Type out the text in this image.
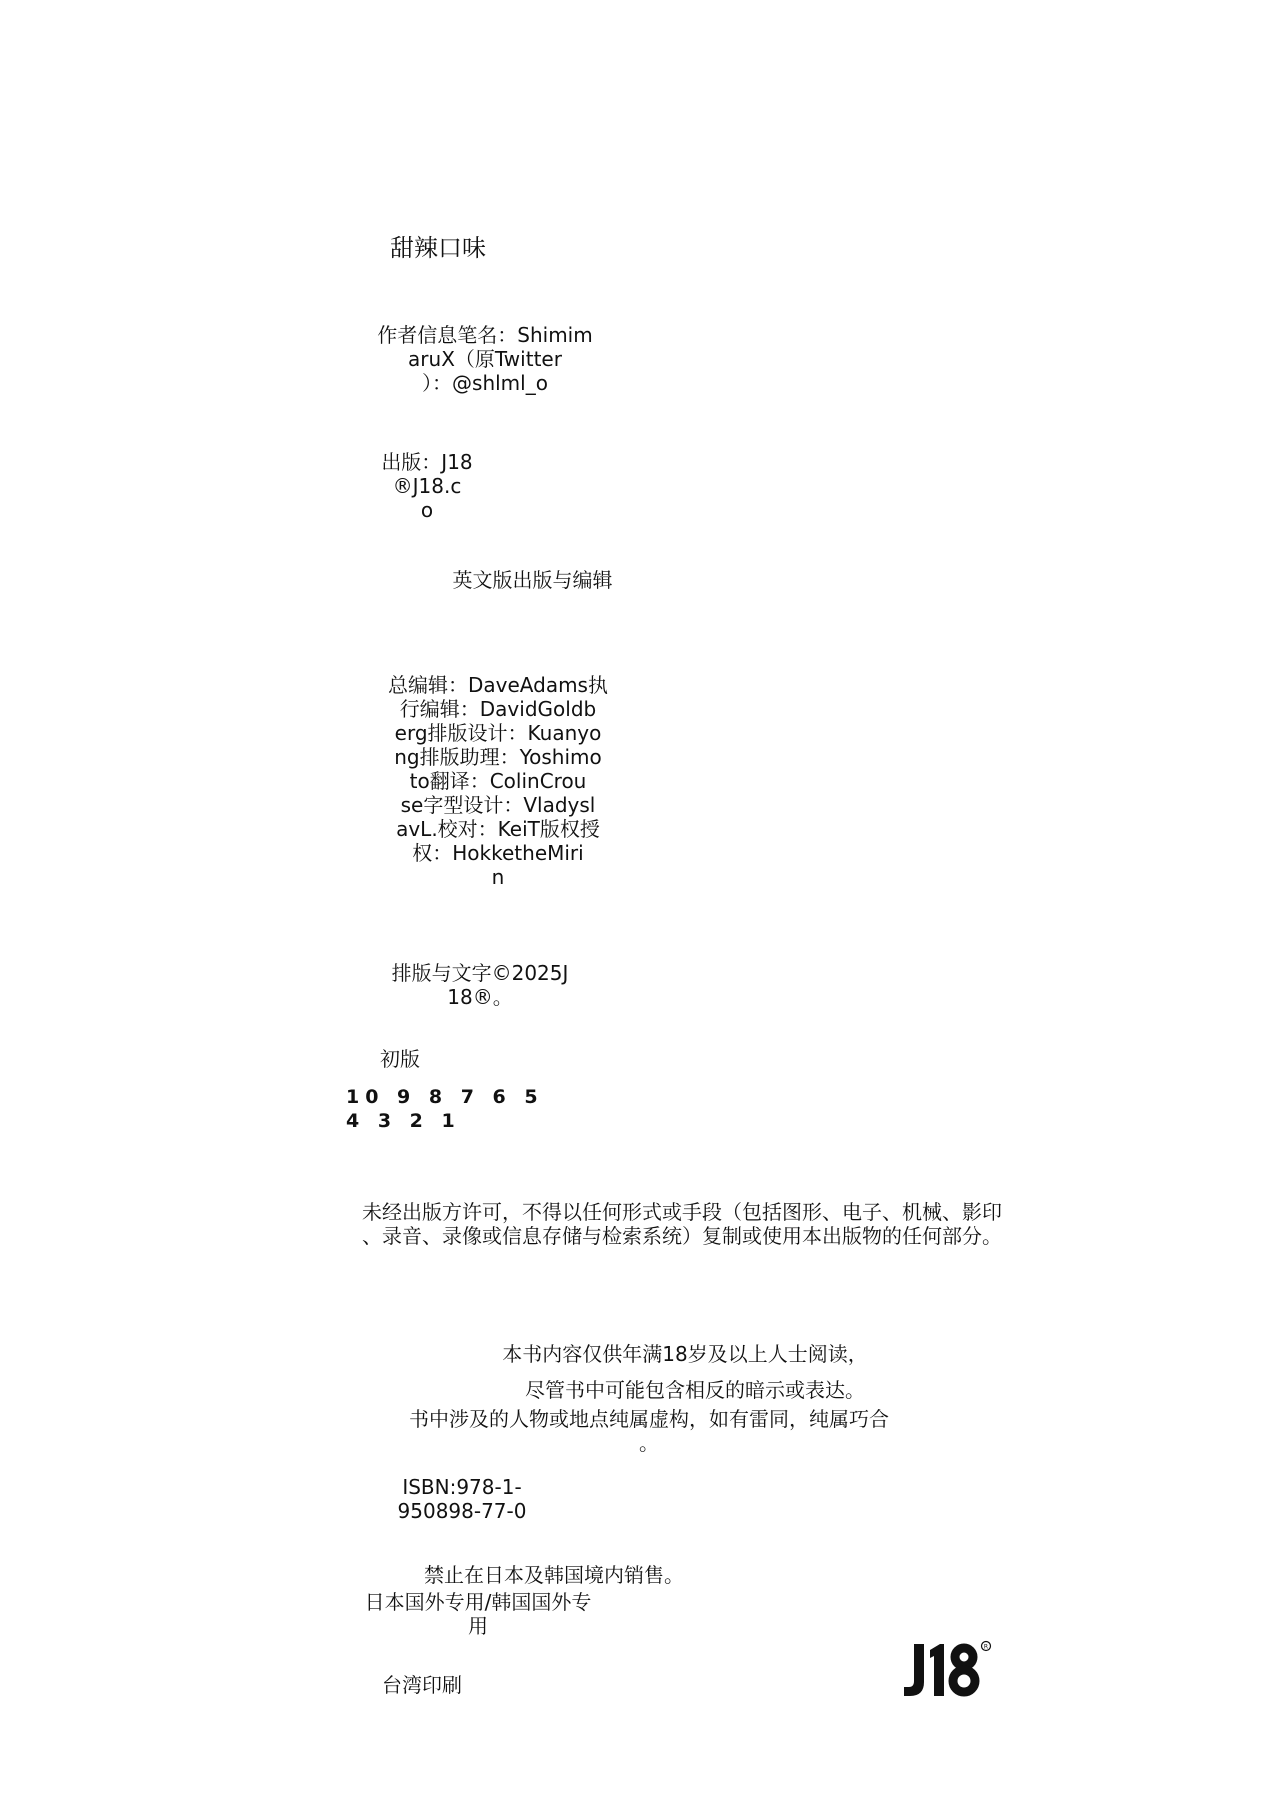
甜辣口味
作者信息笔名：Shimim
aruX（原Twitter
）：@shlml_o
出版：J18
®J18.c
o
英文版出版与编辑
总编辑：DaveAdams执
行编辑：DavidGoldb
erg排版设计：Kuanyo
ng排版助理：Yoshimo
to翻译：ColinCrou
se字型设计：Vladysl
avL.校对：KeiT版权授
权：HokketheMiri
n
排版与文字©2025J
18®。
初版
10 9 8 7 6 5 4 3 2 1
未经出版方许可，不得以任何形式或手段（包括图形、电子、机械、影印
、录音、录像或信息存储与检索系统）复制或使用本出版物的任何部分。
本书内容仅供年满18岁及以上人士阅读，
尽管书中可能包含相反的暗示或表达。
书中涉及的人物或地点纯属虚构，如有雷同，纯属巧合
。
ISBN:978-1-
950898-77-0
禁止在日本及韩国境内销售。
日本国外专用/韩国国外专
用
台湾印刷
R
